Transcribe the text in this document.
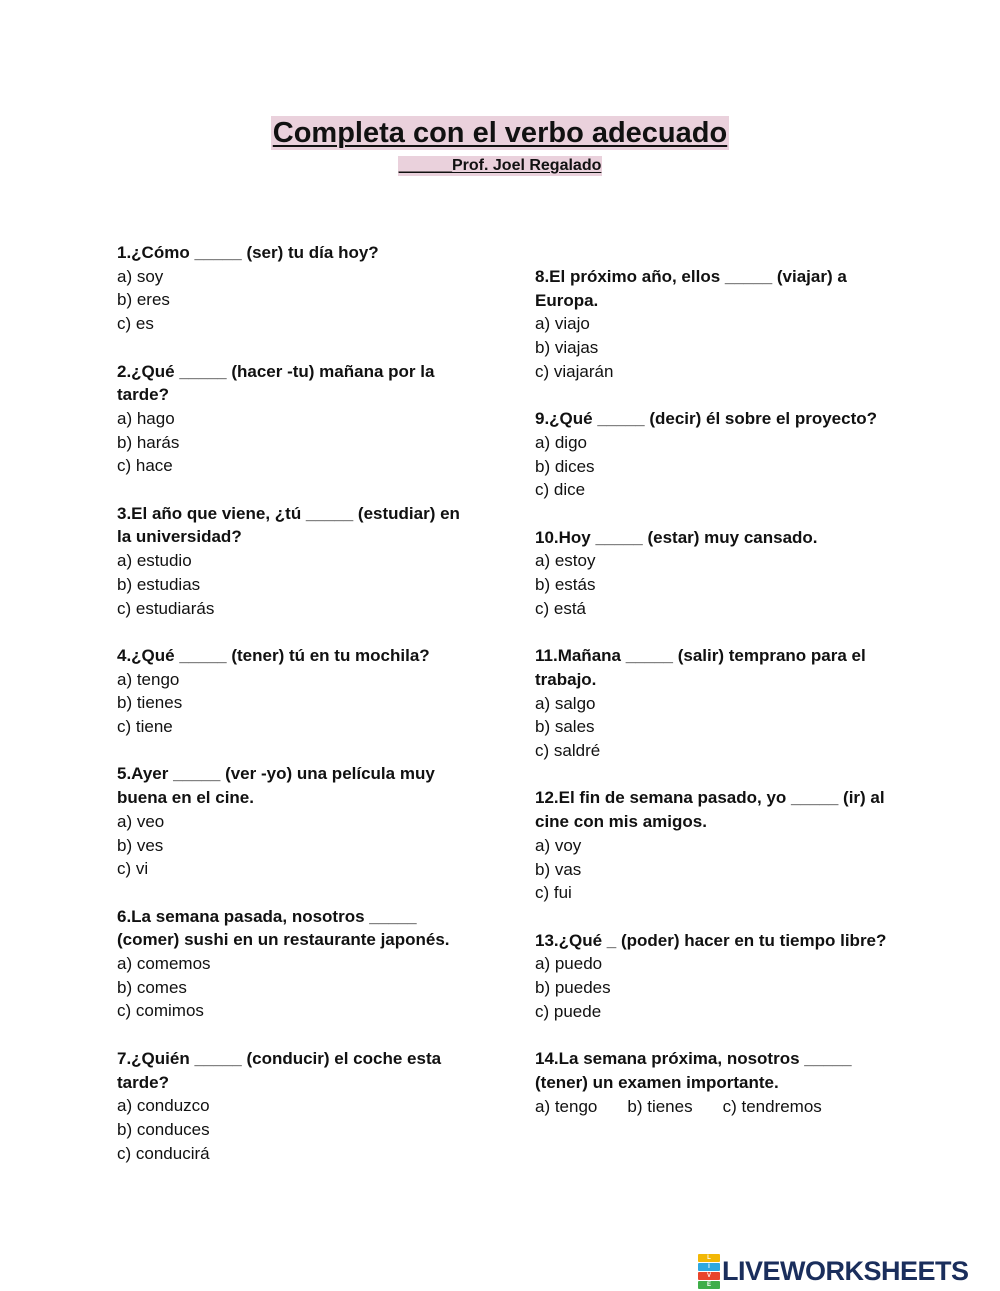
Completa con el verbo adecuado
______Prof. Joel Regalado
1.¿Cómo _____ (ser) tu día hoy?
a) soy
b) eres
c) es
2.¿Qué _____ (hacer -tu) mañana por la tarde?
a) hago
b) harás
c) hace
3.El año que viene, ¿tú _____ (estudiar) en la universidad?
a) estudio
b) estudias
c) estudiarás
4.¿Qué _____ (tener) tú en tu mochila?
a) tengo
b) tienes
c) tiene
5.Ayer _____ (ver -yo) una película muy buena en el cine.
a) veo
b) ves
c) vi
6.La semana pasada, nosotros _____ (comer) sushi en un restaurante japonés.
a) comemos
b) comes
c) comimos
7.¿Quién _____ (conducir) el coche esta tarde?
a) conduzco
b) conduces
c) conducirá
8.El próximo año, ellos _____ (viajar) a Europa.
a) viajo
b) viajas
c) viajarán
9.¿Qué _____ (decir) él sobre el proyecto?
a) digo
b) dices
c) dice
10.Hoy _____ (estar) muy cansado.
a) estoy
b) estás
c) está
11.Mañana _____ (salir) temprano para el trabajo.
a) salgo
b) sales
c) saldré
12.El fin de semana pasado, yo _____ (ir) al cine con mis amigos.
a) voy
b) vas
c) fui
13.¿Qué _ (poder) hacer en tu tiempo libre?
a) puedo
b) puedes
c) puede
14.La semana próxima, nosotros _____ (tener) un examen importante.
a) tengo b) tienes c) tendremos
L
I
V
E LIVEWORKSHEETS
